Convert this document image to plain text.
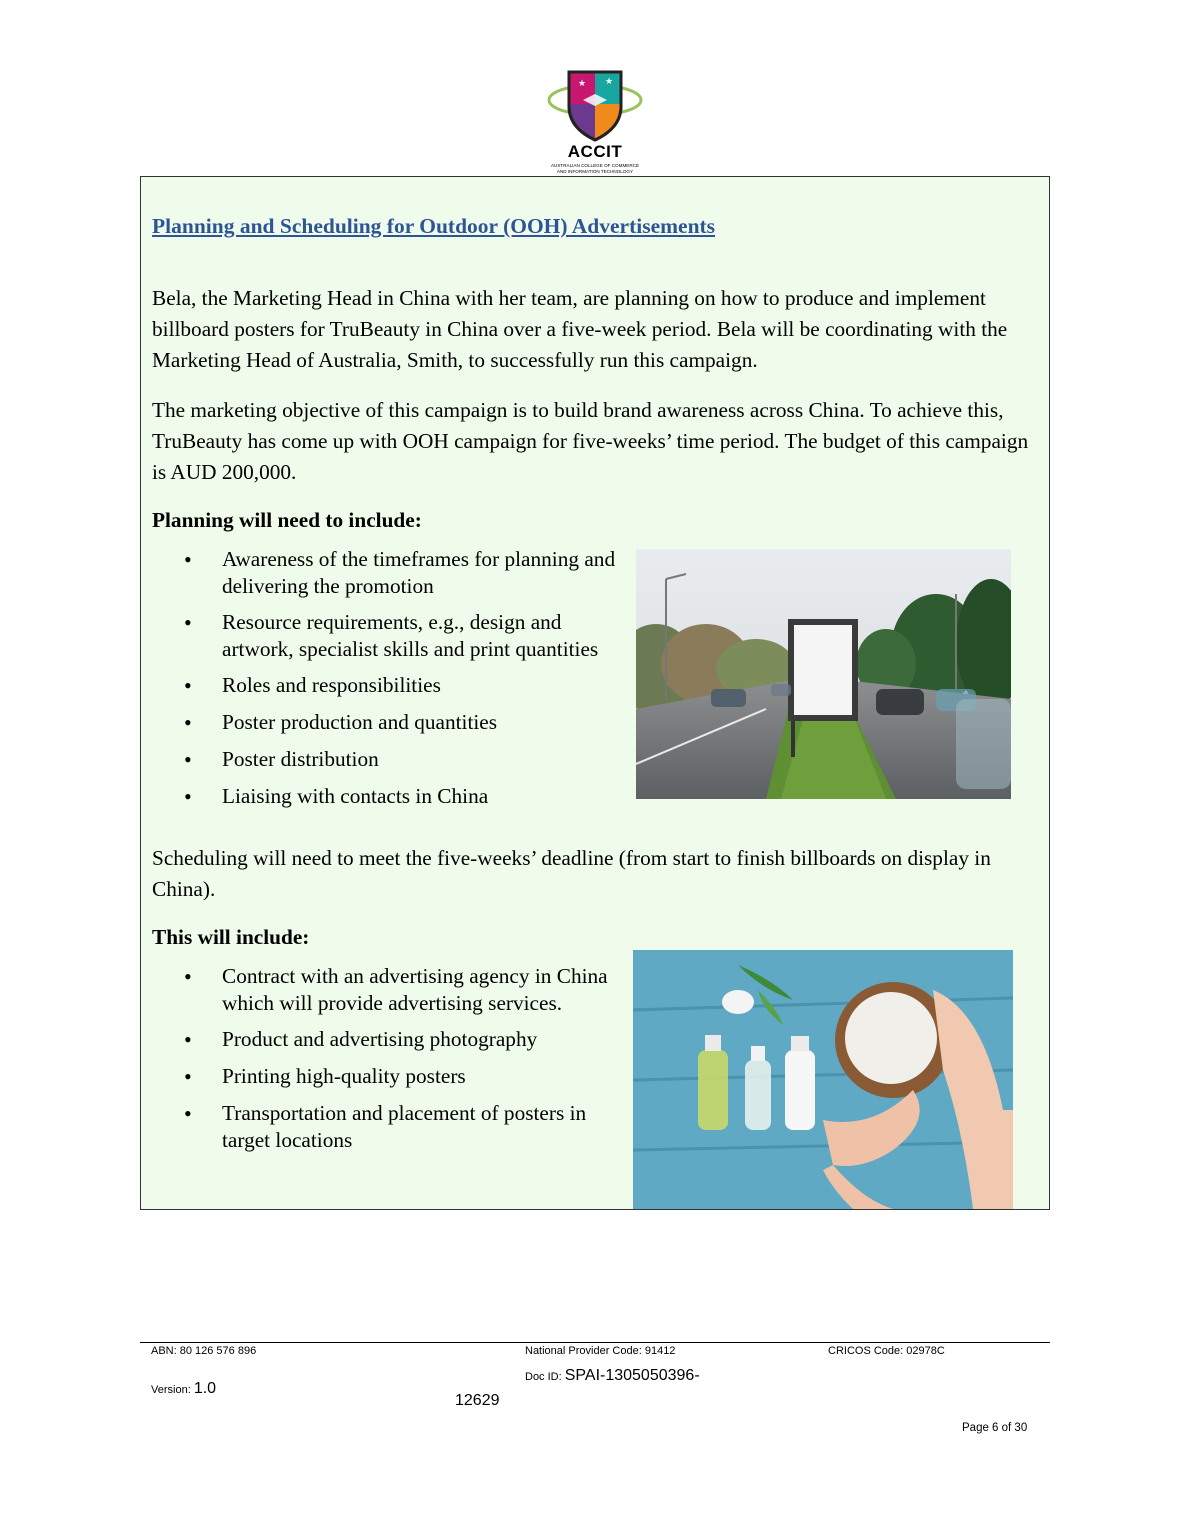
★ ★
ACCIT
AUSTRALIAN COLLEGE OF COMMERCE
AND INFORMATION TECHNOLOGY
Planning and Scheduling for Outdoor (OOH) Advertisements

Bela, the Marketing Head in China with her team, are planning on how to produce and implement billboard posters for TruBeauty in China over a five-week period. Bela will be coordinating with the Marketing Head of Australia, Smith, to successfully run this campaign.

The marketing objective of this campaign is to build brand awareness across China. To achieve this, TruBeauty has come up with OOH campaign for five-weeks’ time period. The budget of this campaign is AUD 200,000.

Planning will need to include:
• Awareness of the timeframes for planning and delivering the promotion
• Resource requirements, e.g., design and artwork, specialist skills and print quantities
• Roles and responsibilities
• Poster production and quantities
• Poster distribution
• Liaising with contacts in China

Scheduling will need to meet the five-weeks’ deadline (from start to finish billboards on display in China).

This will include:
• Contract with an advertising agency in China which will provide advertising services.
• Product and advertising photography
• Printing high-quality posters
• Transportation and placement of posters in target locations
ABN: 80 126 576 896	National Provider Code: 91412	CRICOS Code: 02978C
Version: 1.0
Doc ID: SPAI-1305050396-
12629
Page 6 of 30
